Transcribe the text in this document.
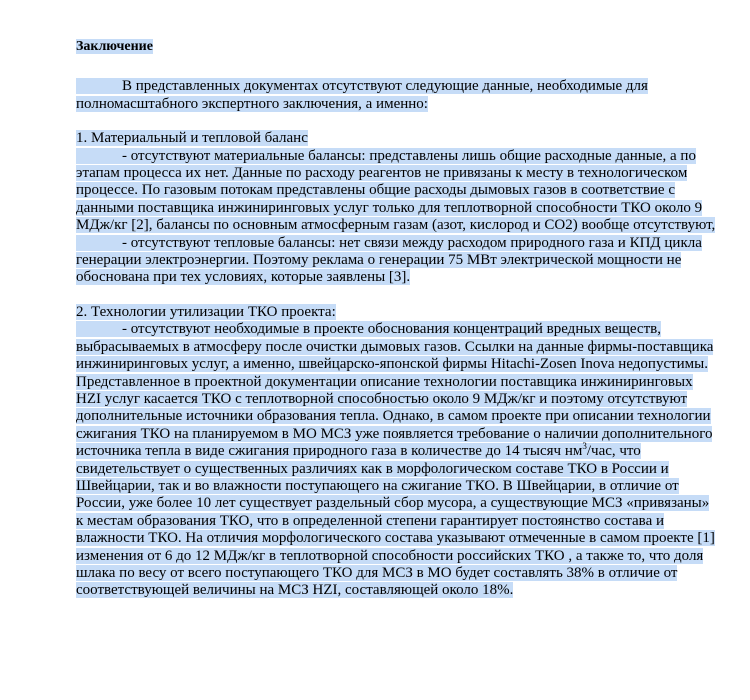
Заключение
В представленных документах отсутствуют следующие данные, необходимые для полномасштабного экспертного заключения, а именно:

1. Материальный и тепловой баланс

- отсутствуют материальные балансы: представлены лишь общие расходные данные, а по этапам процесса их нет. Данные по расходу реагентов не привязаны к месту в технологическом процессе. По газовым потокам представлены общие расходы дымовых газов в соответствие с данными поставщика инжиниринговых услуг только для теплотворной способности ТКО около 9 МДж/кг [2], балансы по основным атмосферным газам (азот, кислород и СО2) вообще отсутствуют,

- отсутствуют тепловые балансы: нет связи между расходом природного газа и КПД цикла генерации электроэнергии. Поэтому реклама о генерации 75 МВт электрической мощности не обоснована при тех условиях, которые заявлены [3].

2. Технологии утилизации ТКО проекта:

- отсутствуют необходимые в проекте обоснования концентраций вредных веществ, выбрасываемых в атмосферу после очистки дымовых газов. Ссылки на данные фирмы-поставщика инжиниринговых услуг, а именно, швейцарско-японской фирмы Hitachi-Zosen Inova недопустимы. Представленное в проектной документации описание технологии поставщика инжиниринговых HZI услуг касается ТКО с теплотворной способностью около 9 МДж/кг и поэтому отсутствуют дополнительные источники образования тепла. Однако, в самом проекте при описании технологии сжигания ТКО на планируемом в МО МСЗ уже появляется требование о наличии дополнительного источника тепла в виде сжигания природного газа в количестве до 14 тысяч $нм^3$/час, что свидетельствует о существенных различиях как в морфологическом составе ТКО в России и Швейцарии, так и во влажности поступающего на сжигание ТКО. В Швейцарии, в отличие от России, уже более 10 лет существует раздельный сбор мусора, а существующие МСЗ «привязаны» к местам образования ТКО, что в определенной степени гарантирует постоянство состава и влажности ТКО. На отличия морфологического состава указывают отмеченные в самом проекте [1] изменения от 6 до 12 МДж/кг в теплотворной способности российских ТКО , а также то, что доля шлака по весу от всего поступающего ТКО для МСЗ в МО будет составлять 38% в отличие от соответствующей величины на МСЗ HZI, составляющей около 18%.
